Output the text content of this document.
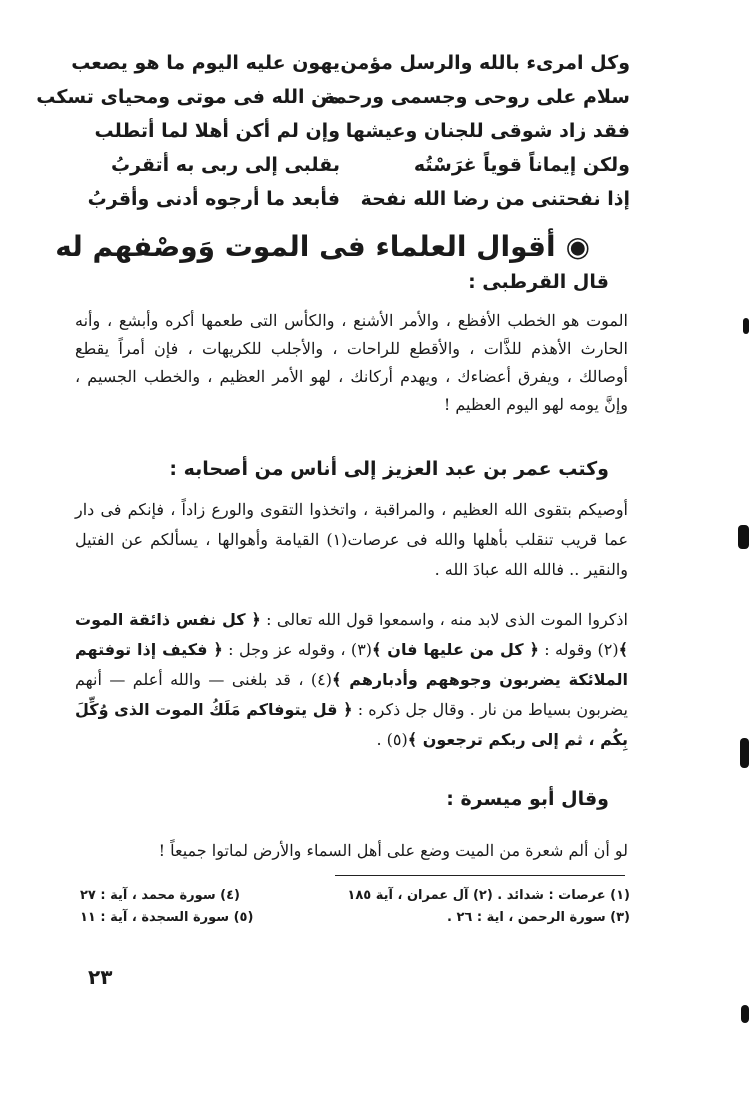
وكل امرىء بالله والرسل مؤمن
يهون عليه اليوم ما هو يصعب
سلام على روحى وجسمى ورحمة
من الله فى موتى ومحياى تسكب
فقد زاد شوقى للجنان وعيشها
وإن لم أكن أهلا لما أتطلب
ولكن إيماناً قوياً غرَسْتُه
بقلبى إلى ربى به أتقربُ
إذا نفحتنى من رضا الله نفحة
فأبعد ما أرجوه أدنى وأقربُ
◉أقوال العلماء فى الموت وَوصْفهم له
قال القرطبى :
الموت هو الخطب الأفظع ، والأمر الأشنع ، والكأس التى طعمها أكره وأبشع ، وأنه الحارث الأهذم للذَّات ، والأقطع للراحات ، والأجلب للكريهات ، فإن أمراً يقطع أوصالك ، ويفرق أعضاءك ، ويهدم أركانك ، لهو الأمر العظيم ، والخطب الجسيم ، وإنَّ يومه لهو اليوم العظيم !
وكتب عمر بن عبد العزيز إلى أناس من أصحابه :
أوصيكم بتقوى الله العظيم ، والمراقبة ، واتخذوا التقوى والورع زاداً ، فإنكم فى دار عما قريب تنقلب بأهلها والله فى عرصات(١) القيامة وأهوالها ، يسألكم عن الفتيل والنقير .. فالله الله عبادَ الله .
اذكروا الموت الذى لابد منه ، واسمعوا قول الله تعالى : ﴿ كل نفس ذائقة الموت ﴾(٢) وقوله : ﴿ كل من عليها فان ﴾(٣) ، وقوله عز وجل : ﴿ فكيف إذا توفتهم الملائكة يضربون وجوههم وأدبارهم ﴾(٤) ، قد بلغنى — والله أعلم — أنهم يضربون بسياط من نار . وقال جل ذكره : ﴿ قل يتوفاكم مَلَكُ الموت الذى وُكِّلَ بِكُم ، ثم إلى ربكم ترجعون ﴾(٥) .
وقال أبو ميسرة :
لو أن ألم شعرة من الميت وضع على أهل السماء والأرض لماتوا جميعاً !
(١) عرصات : شدائد . (٢) آل عمران ، آية ١٨٥
(٤) سورة محمد ، آية : ٢٧
(٣) سورة الرحمن ، اية : ٢٦ .
(٥) سورة السجدة ، آية : ١١
٢٣
